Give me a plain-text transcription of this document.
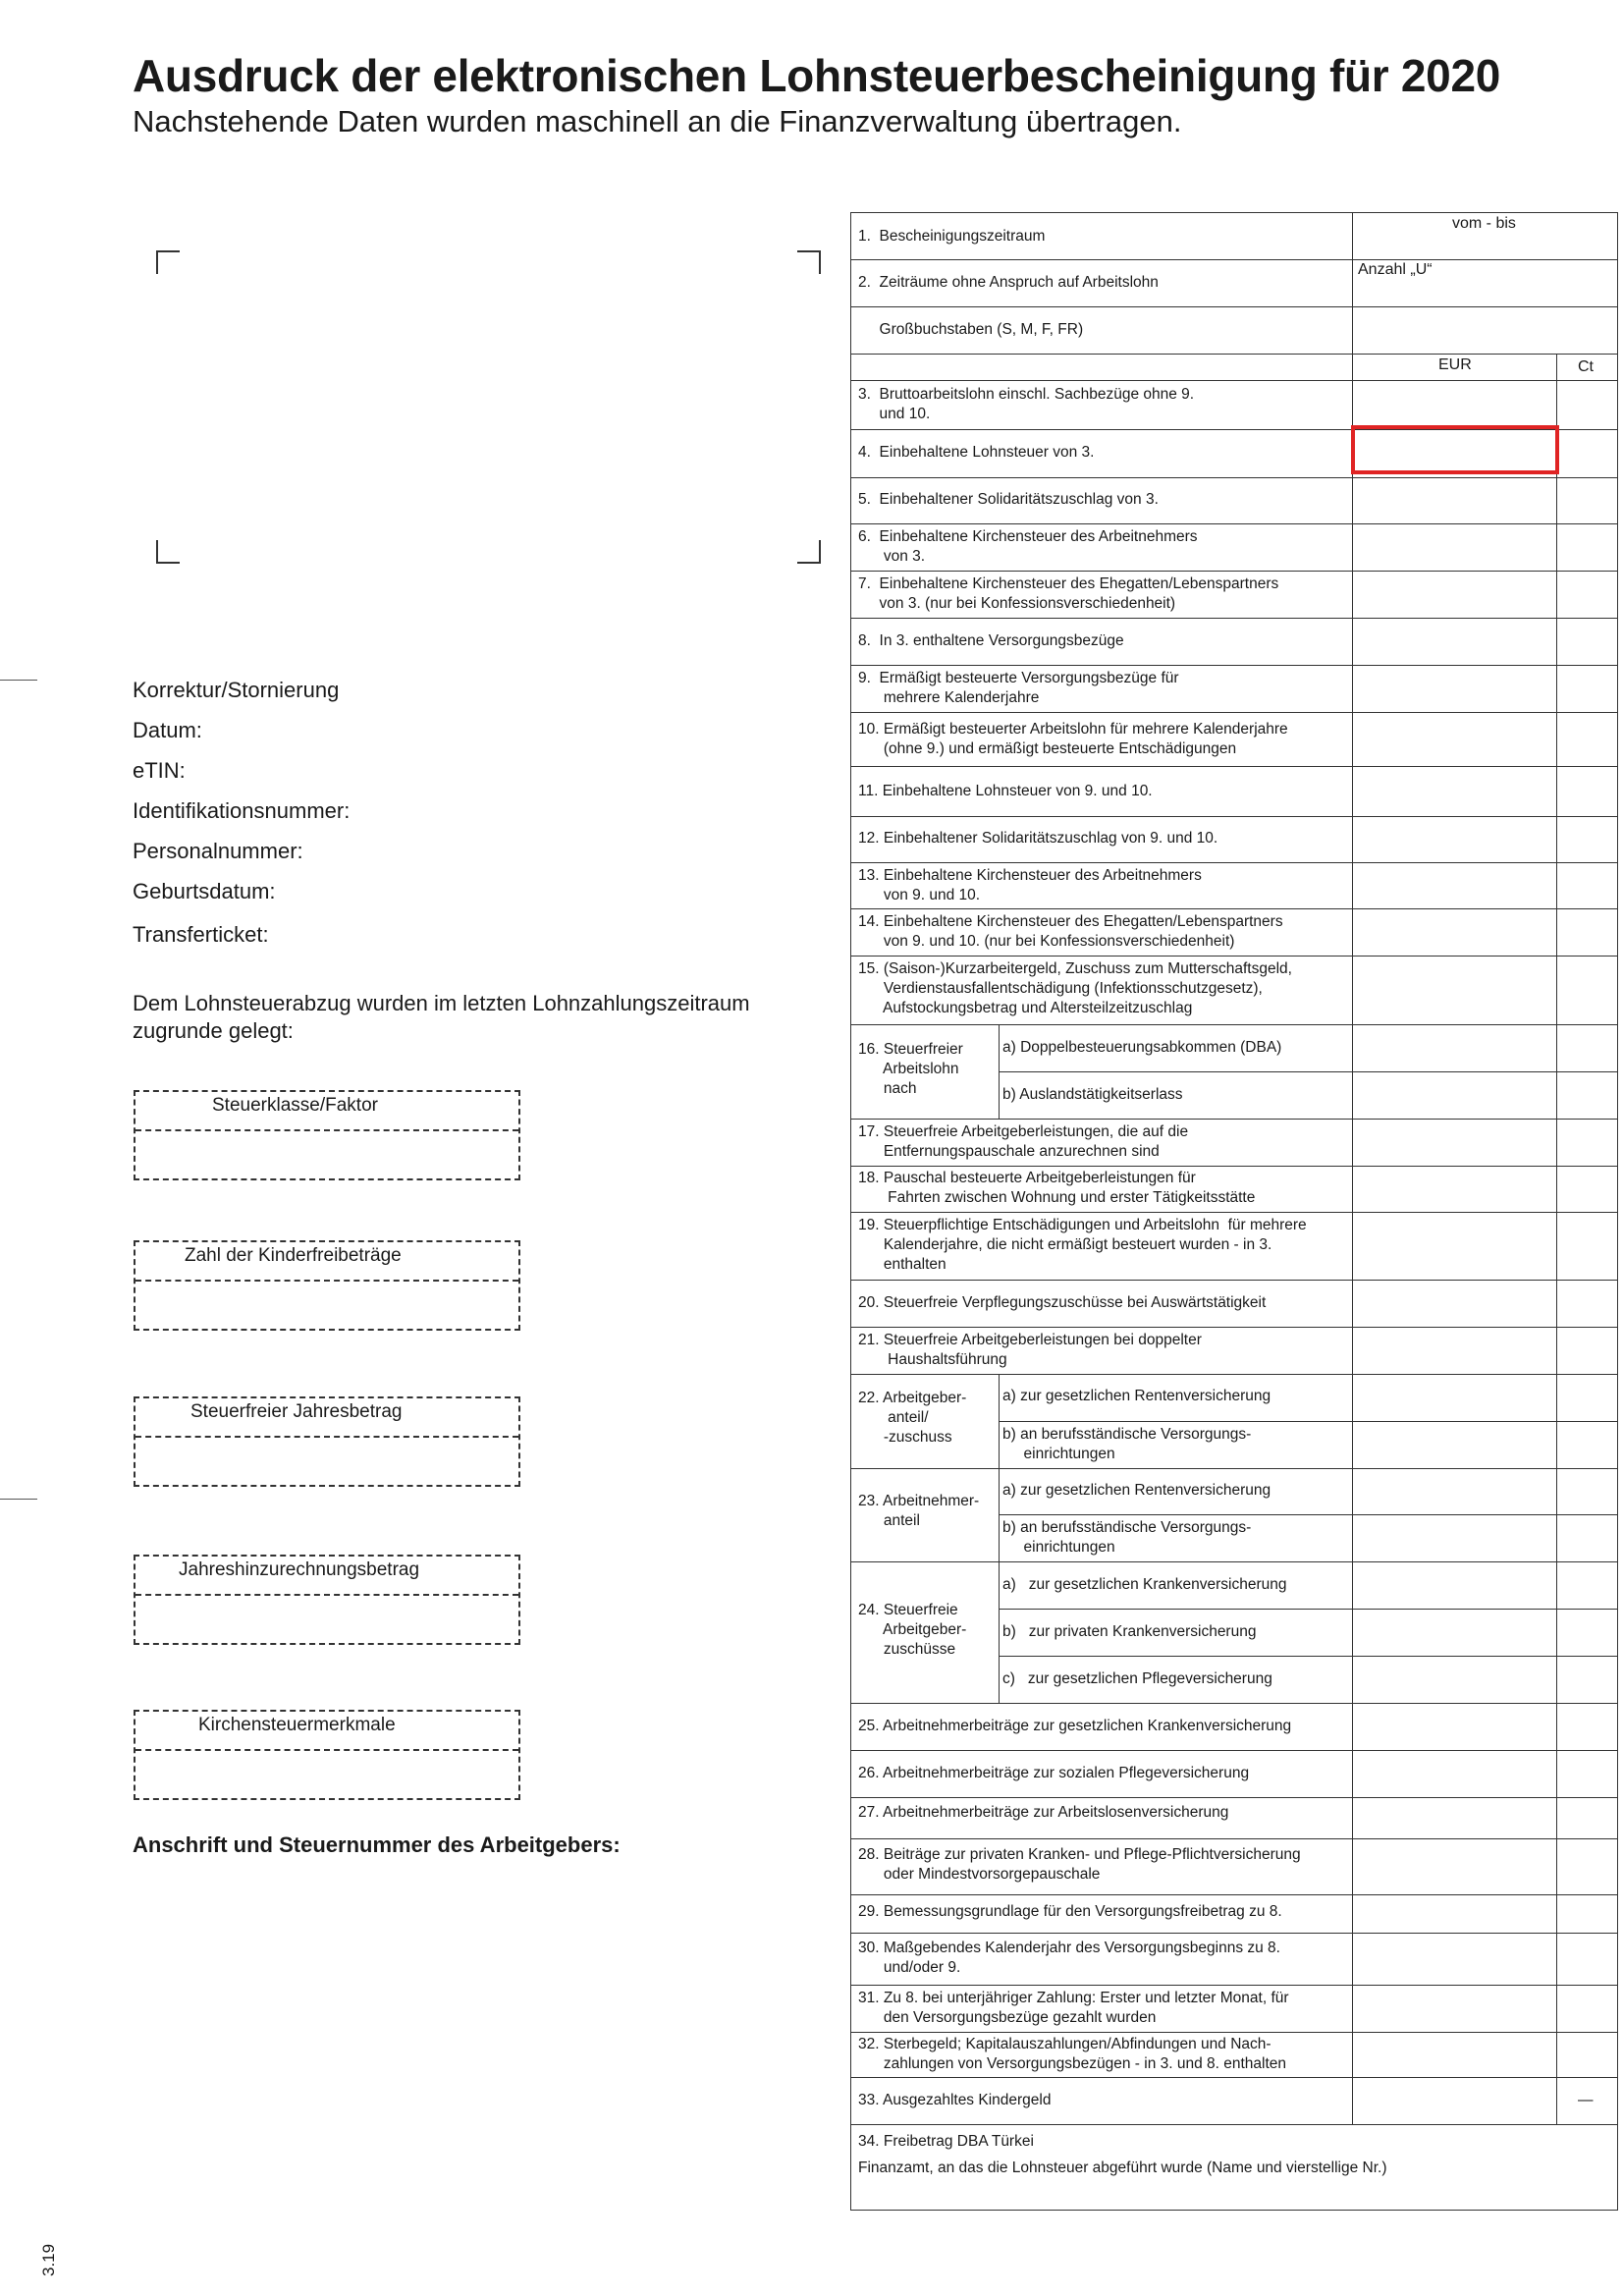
Ausdruck der elektronischen Lohnsteuerbescheinigung für 2020
Nachstehende Daten wurden maschinell an die Finanzverwaltung übertragen.
Korrektur/Stornierung
Datum:
eTIN:
Identifikationsnummer:
Personalnummer:
Geburtsdatum:
Transferticket:
Dem Lohnsteuerabzug wurden im letzten Lohnzahlungszeitraum zugrunde gelegt:
Steuerklasse/Faktor
Zahl der Kinderfreibeträge
Steuerfreier Jahresbetrag
Jahreshinzurechnungsbetrag
Kirchensteuermerkmale
Anschrift und Steuernummer des Arbeitgebers:
vom - bis
Anzahl „U“
EUR	Ct
1.  Bescheinigungszeitraum
2.  Zeiträume ohne Anspruch auf Arbeitslohn
Großbuchstaben (S, M, F, FR)
3.  Bruttoarbeitslohn einschl. Sachbezüge ohne 9.
und 10.
4.  Einbehaltene Lohnsteuer von 3.
5.  Einbehaltener Solidaritätszuschlag von 3.
6.  Einbehaltene Kirchensteuer des Arbeitnehmers
von 3.
7.  Einbehaltene Kirchensteuer des Ehegatten/Lebenspartners
von 3. (nur bei Konfessionsverschiedenheit)
8.  In 3. enthaltene Versorgungsbezüge
9.  Ermäßigt besteuerte Versorgungsbezüge für
mehrere Kalenderjahre
10. Ermäßigt besteuerter Arbeitslohn für mehrere Kalenderjahre
(ohne 9.) und ermäßigt besteuerte Entschädigungen
11. Einbehaltene Lohnsteuer von 9. und 10.
12. Einbehaltener Solidaritätszuschlag von 9. und 10.
13. Einbehaltene Kirchensteuer des Arbeitnehmers
von 9. und 10.
14. Einbehaltene Kirchensteuer des Ehegatten/Lebenspartners
von 9. und 10. (nur bei Konfessionsverschiedenheit)
15. (Saison-)Kurzarbeitergeld, Zuschuss zum Mutterschaftsgeld,
Verdienstausfallentschädigung (Infektionsschutzgesetz),
Aufstockungsbetrag und Altersteilzeitzuschlag
16. Steuerfreier
Arbeitslohn
nach
a) Doppelbesteuerungsabkommen (DBA)
b) Auslandstätigkeitserlass
17. Steuerfreie Arbeitgeberleistungen, die auf die
Entfernungspauschale anzurechnen sind
18. Pauschal besteuerte Arbeitgeberleistungen für
Fahrten zwischen Wohnung und erster Tätigkeitsstätte
19. Steuerpflichtige Entschädigungen und Arbeitslohn  für mehrere
Kalenderjahre, die nicht ermäßigt besteuert wurden - in 3.
enthalten
20. Steuerfreie Verpflegungszuschüsse bei Auswärtstätigkeit
21. Steuerfreie Arbeitgeberleistungen bei doppelter
Haushaltsführung
22. Arbeitgeber-
anteil/
-zuschuss
a) zur gesetzlichen Rentenversicherung
b) an berufsständische Versorgungs-
einrichtungen
23. Arbeitnehmer-
anteil
a) zur gesetzlichen Rentenversicherung
b) an berufsständische Versorgungs-
einrichtungen
24. Steuerfreie
Arbeitgeber-
zuschüsse
a)   zur gesetzlichen Krankenversicherung
b)   zur privaten Krankenversicherung
c)   zur gesetzlichen Pflegeversicherung
25. Arbeitnehmerbeiträge zur gesetzlichen Krankenversicherung
26. Arbeitnehmerbeiträge zur sozialen Pflegeversicherung
27. Arbeitnehmerbeiträge zur Arbeitslosenversicherung
28. Beiträge zur privaten Kranken- und Pflege-Pflichtversicherung
oder Mindestvorsorgepauschale
29. Bemessungsgrundlage für den Versorgungsfreibetrag zu 8.
30. Maßgebendes Kalenderjahr des Versorgungsbeginns zu 8.
und/oder 9.
31. Zu 8. bei unterjähriger Zahlung: Erster und letzter Monat, für
den Versorgungsbezüge gezahlt wurden
32. Sterbegeld; Kapitalauszahlungen/Abfindungen und Nach-
zahlungen von Versorgungsbezügen - in 3. und 8. enthalten
33. Ausgezahltes Kindergeld	—
34. Freibetrag DBA Türkei
Finanzamt, an das die Lohnsteuer abgeführt wurde (Name und vierstellige Nr.)
3.19
